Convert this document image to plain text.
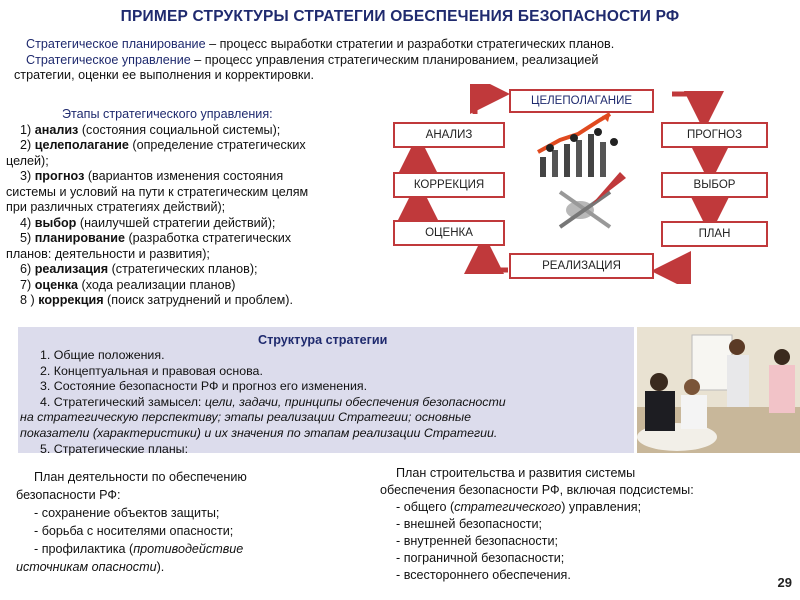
ПРИМЕР СТРУКТУРЫ СТРАТЕГИИ ОБЕСПЕЧЕНИЯ БЕЗОПАСНОСТИ РФ
Стратегическое планирование – процесс выработки стратегии и разработки стратегических планов.
Стратегическое управление – процесс управления стратегическим планированием, реализацией
стратегии, оценки ее выполнения и корректировки.
Этапы стратегического управления:
1) анализ (состояния социальной системы);
2) целеполагание (определение стратегических
целей);
3) прогноз (вариантов изменения состояния
системы и условий на пути к стратегическим целям
при различных стратегиях действий);
4) выбор (наилучшей стратегии действий);
5) планирование (разработка стратегических
планов: деятельности и развития);
6) реализация (стратегических планов);
7) оценка (хода реализации планов)
8 ) коррекция (поиск затруднений и проблем).
ЦЕЛЕПОЛАГАНИЕ
АНАЛИЗ	ПРОГНОЗ
КОРРЕКЦИЯ	ВЫБОР
ОЦЕНКА	ПЛАН
РЕАЛИЗАЦИЯ
Структура стратегии
1. Общие положения.
2. Концептуальная и правовая основа.
3. Состояние безопасности РФ и прогноз его изменения.
4. Стратегический замысел: цели, задачи, принципы обеспечения безопасности
на стратегическую перспективу; этапы реализации Стратегии; основные
показатели (характеристики) и их значения по этапам реализации Стратегии.
5. Стратегические планы:
План деятельности по обеспечению
безопасности РФ:
- сохранение объектов защиты;
- борьба с носителями опасности;
- профилактика (противодействие
источникам опасности).
План строительства и развития системы
обеспечения безопасности РФ, включая подсистемы:
- общего (стратегического) управления;
- внешней безопасности;
- внутренней безопасности;
- пограничной безопасности;
- всестороннего обеспечения.	29
